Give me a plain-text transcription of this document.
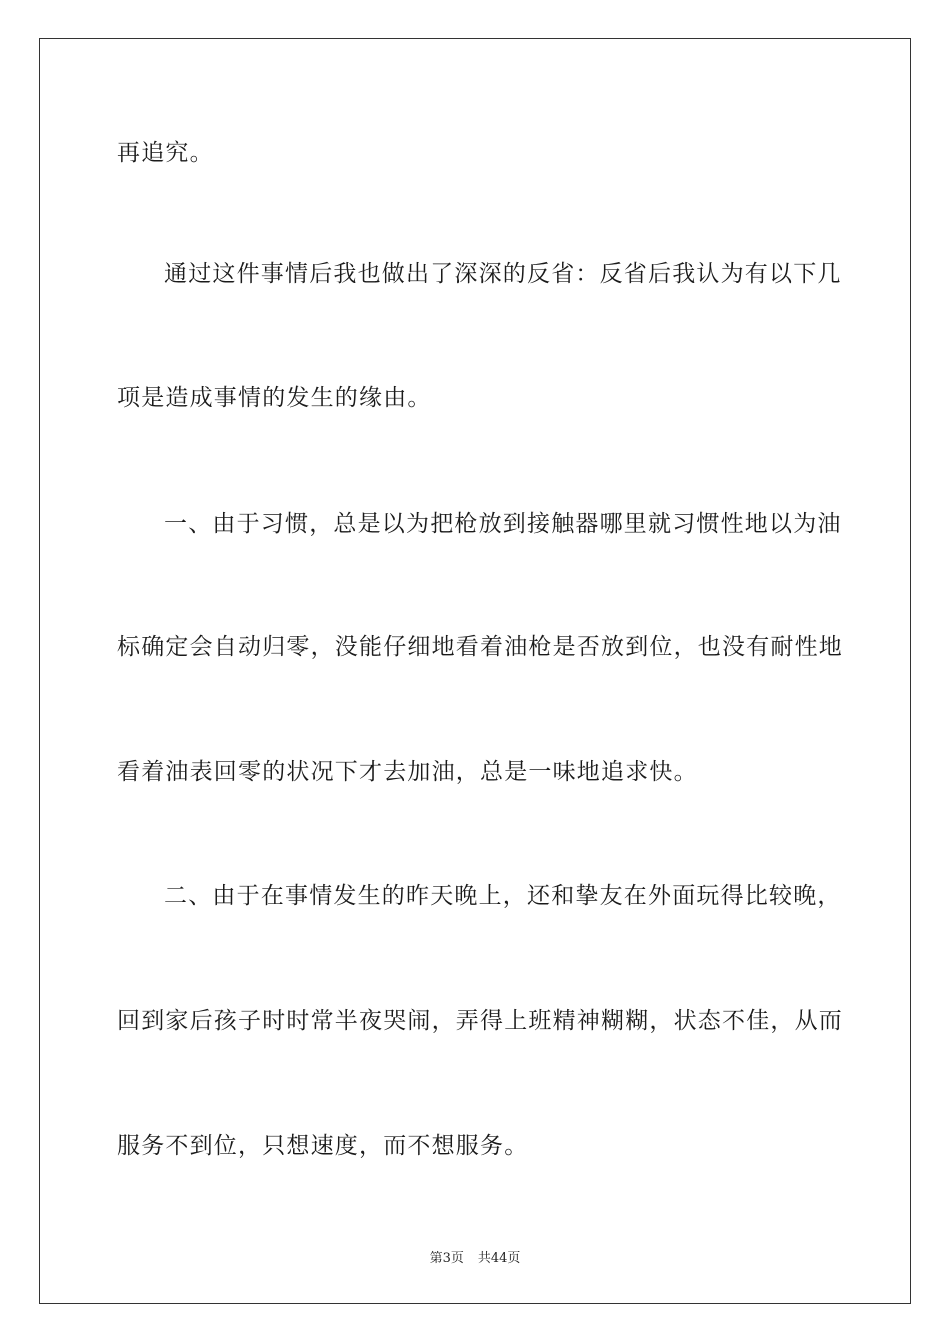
再追究。
通过这件事情后我也做出了深深的反省：反省后我认为有以下几
项是造成事情的发生的缘由。
一、由于习惯，总是以为把枪放到接触器哪里就习惯性地以为油
标确定会自动归零，没能仔细地看着油枪是否放到位，也没有耐性地
看着油表回零的状况下才去加油，总是一味地追求快。
二、由于在事情发生的昨天晚上，还和挚友在外面玩得比较晚，
回到家后孩子时时常半夜哭闹，弄得上班精神糊糊，状态不佳，从而
服务不到位，只想速度，而不想服务。
第3页 共44页
